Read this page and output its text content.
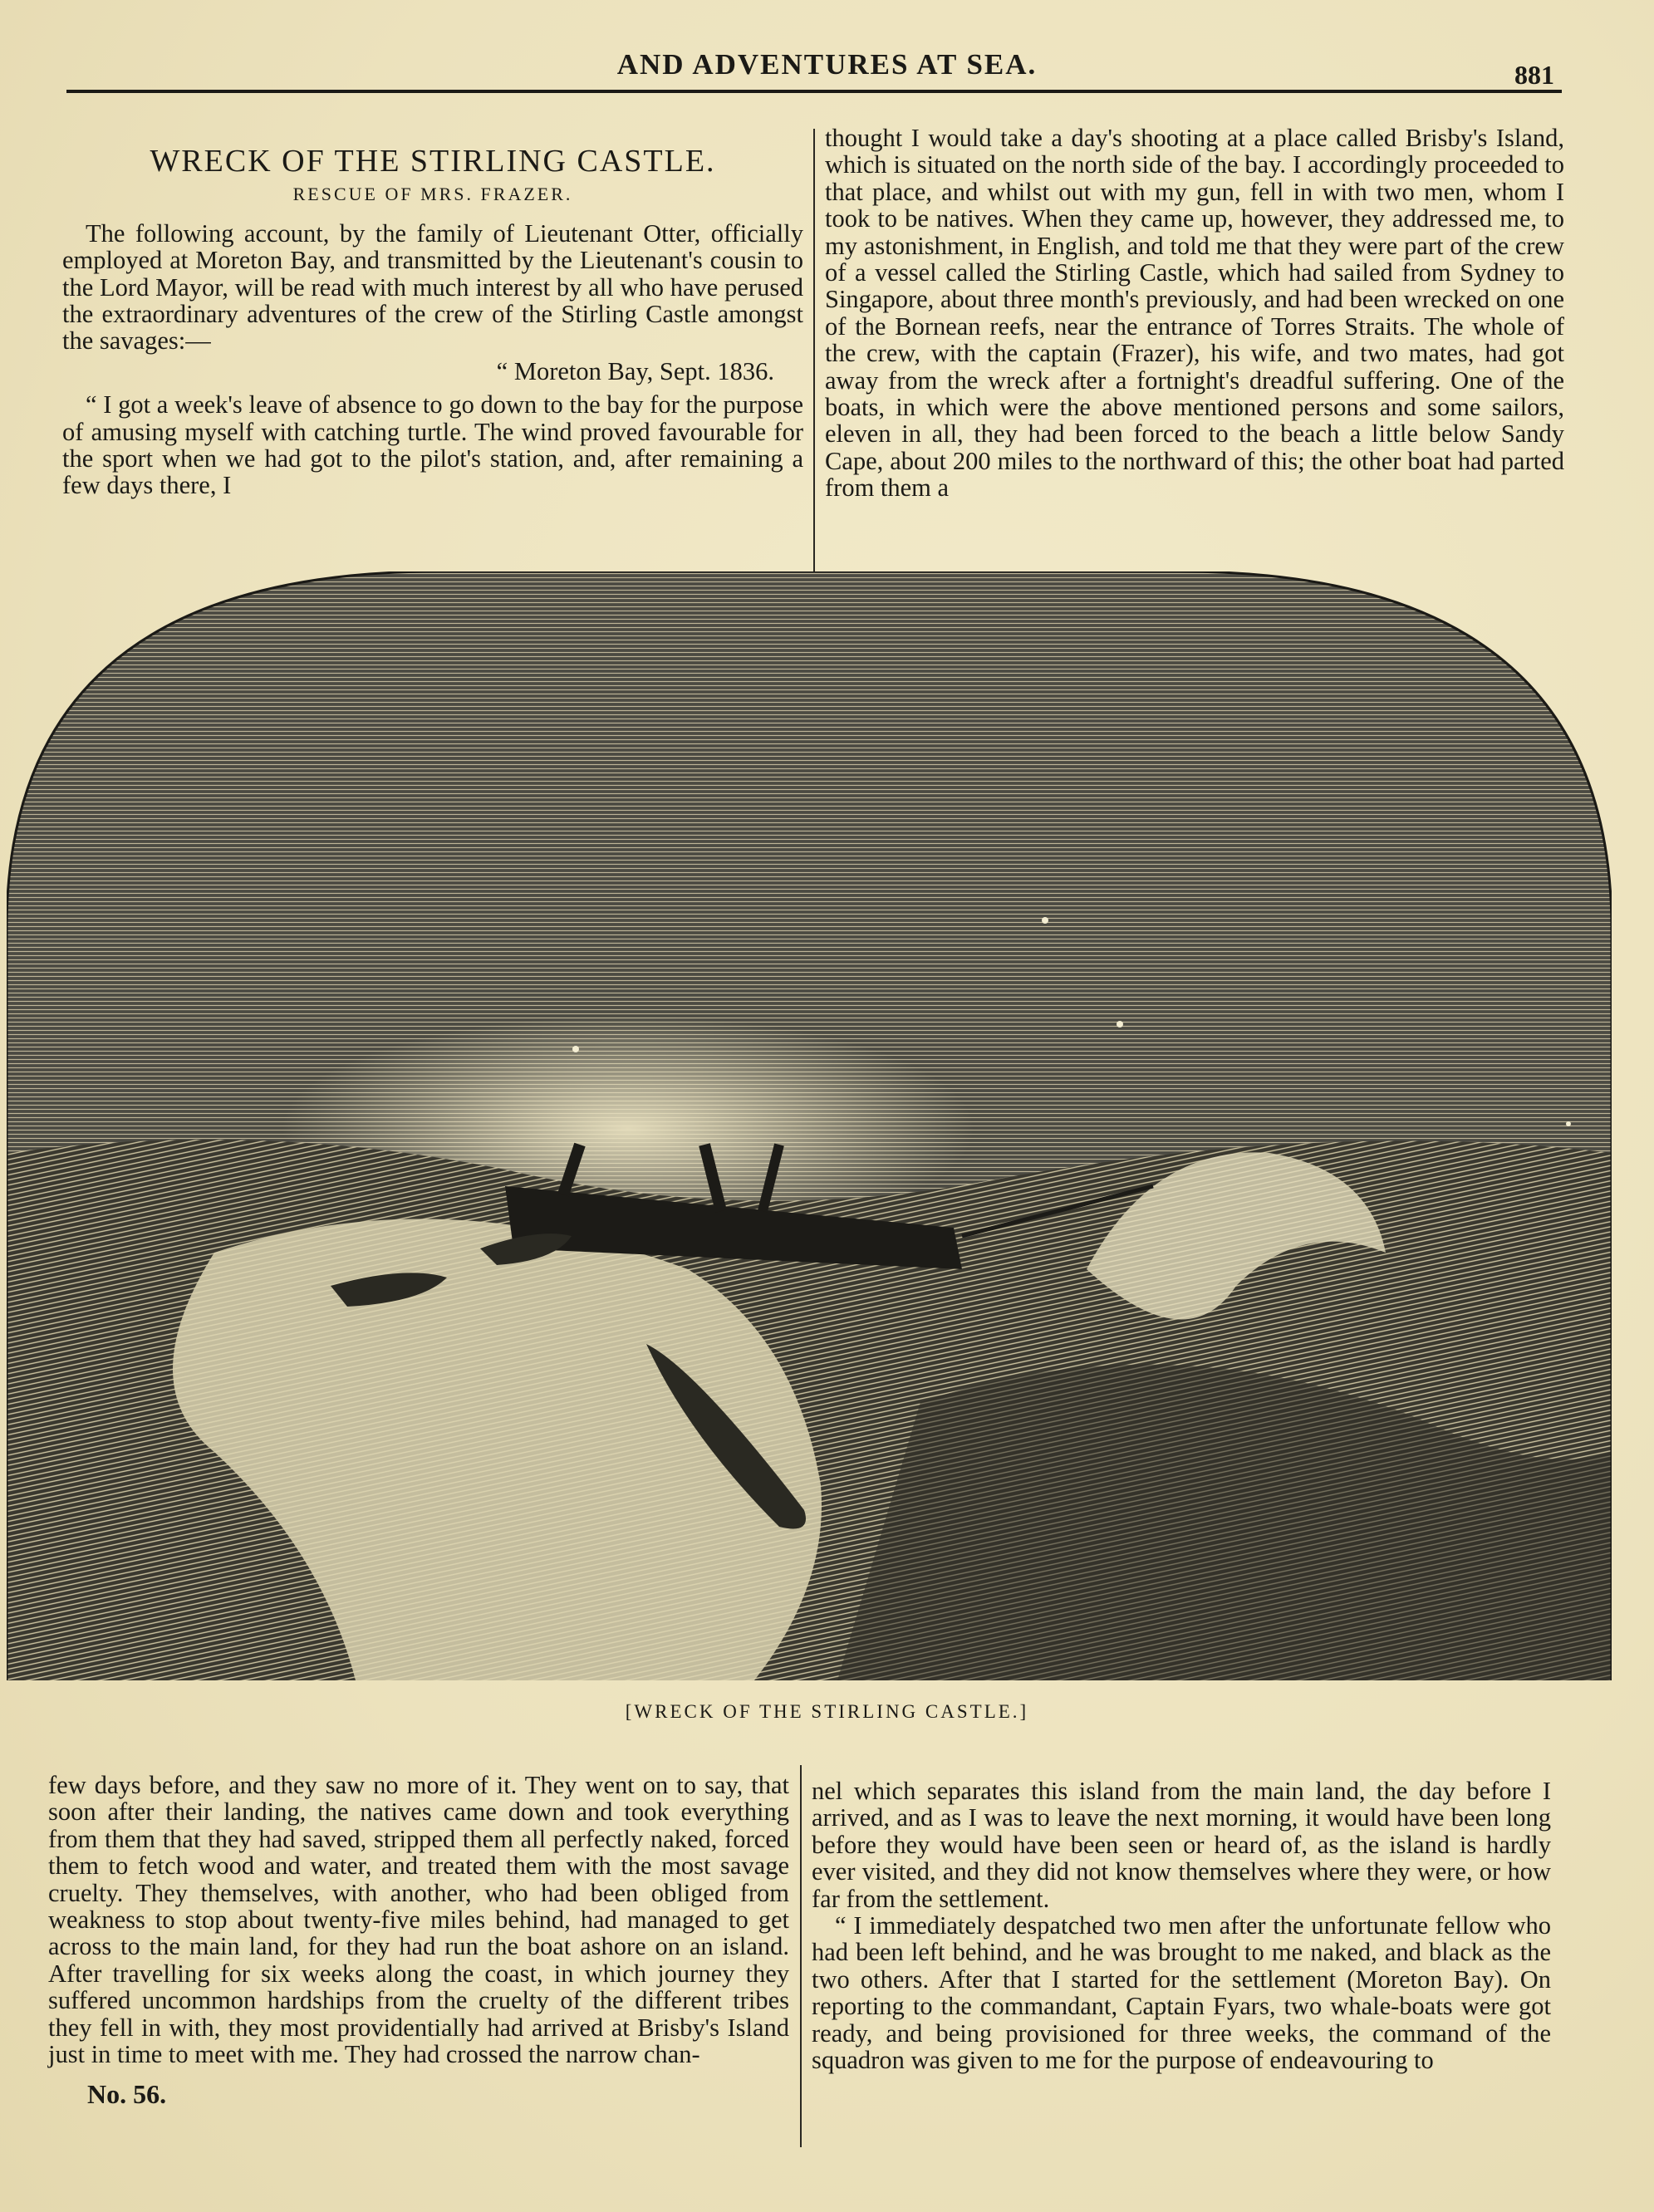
AND ADVENTURES AT SEA.	881
WRECK OF THE STIRLING CASTLE.
RESCUE OF MRS. FRAZER.

The following account, by the family of Lieutenant Otter, officially employed at Moreton Bay, and transmitted by the Lieutenant's cousin to the Lord Mayor, will be read with much interest by all who have perused the extraordinary adventures of the crew of the Stirling Castle amongst the savages:—

“ Moreton Bay, Sept. 1836.

“ I got a week's leave of absence to go down to the bay for the purpose of amusing myself with catching turtle. The wind proved favourable for the sport when we had got to the pilot's station, and, after remaining a few days there, I

thought I would take a day's shooting at a place called Brisby's Island, which is situated on the north side of the bay. I accordingly proceeded to that place, and whilst out with my gun, fell in with two men, whom I took to be natives. When they came up, however, they addressed me, to my astonishment, in English, and told me that they were part of the crew of a vessel called the Stirling Castle, which had sailed from Sydney to Singapore, about three month's previously, and had been wrecked on one of the Bornean reefs, near the entrance of Torres Straits. The whole of the crew, with the captain (Frazer), his wife, and two mates, had got away from the wreck after a fortnight's dreadful suffering. One of the boats, in which were the above mentioned persons and some sailors, eleven in all, they had been forced to the beach a little below Sandy Cape, about 200 miles to the northward of this; the other boat had parted from them a

[WRECK OF THE STIRLING CASTLE.]

few days before, and they saw no more of it. They went on to say, that soon after their landing, the natives came down and took everything from them that they had saved, stripped them all perfectly naked, forced them to fetch wood and water, and treated them with the most savage cruelty. They themselves, with another, who had been obliged from weakness to stop about twenty-five miles behind, had managed to get across to the main land, for they had run the boat ashore on an island. After travelling for six weeks along the coast, in which journey they suffered uncommon hardships from the cruelty of the different tribes they fell in with, they most providentially had arrived at Brisby's Island just in time to meet with me. They had crossed the narrow chan-

nel which separates this island from the main land, the day before I arrived, and as I was to leave the next morning, it would have been long before they would have been seen or heard of, as the island is hardly ever visited, and they did not know themselves where they were, or how far from the settlement.

“ I immediately despatched two men after the unfortunate fellow who had been left behind, and he was brought to me naked, and black as the two others. After that I started for the settlement (Moreton Bay). On reporting to the commandant, Captain Fyars, two whale-boats were got ready, and being provisioned for three weeks, the command of the squadron was given to me for the purpose of endeavouring to

No. 56.
